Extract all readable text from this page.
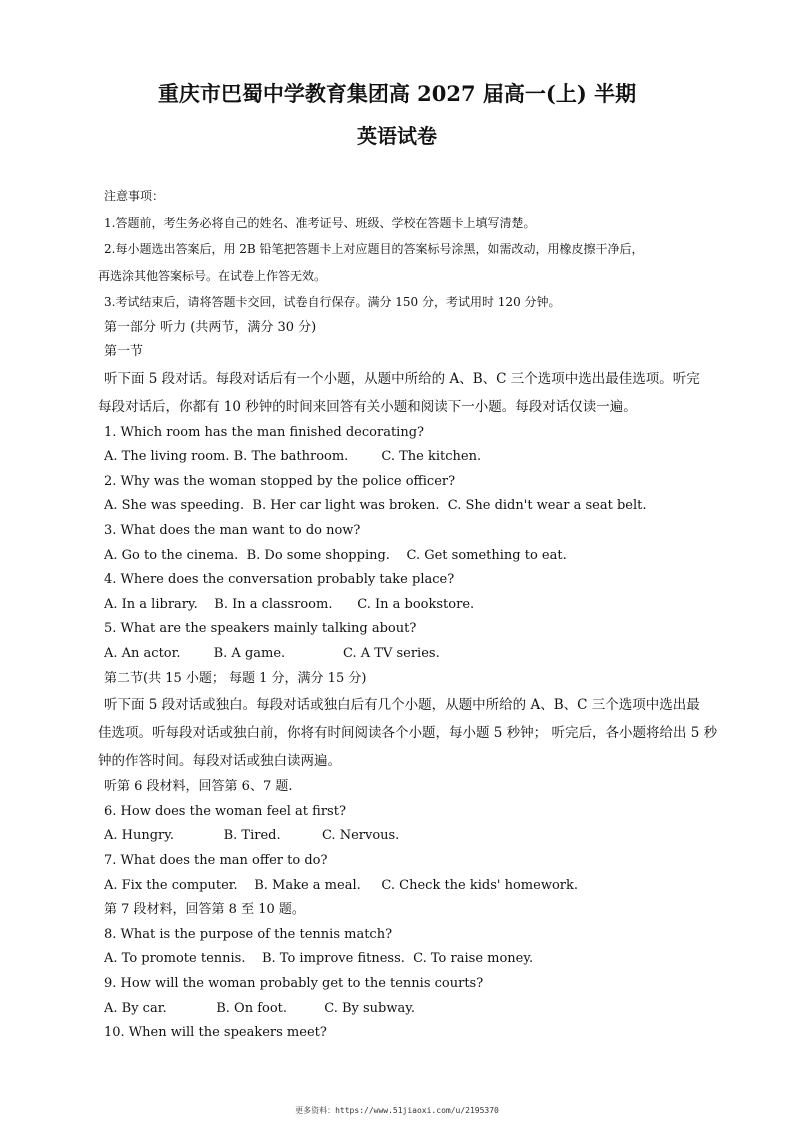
重庆市巴蜀中学教育集团高 2027 届高一(上) 半期
英语试卷
注意事项：
1.答题前，考生务必将自己的姓名、准考证号、班级、学校在答题卡上填写清楚。
2.每小题选出答案后，用 2B 铅笔把答题卡上对应题目的答案标号涂黑，如需改动，用橡皮擦干净后，
再选涂其他答案标号。在试卷上作答无效。
3.考试结束后，请将答题卡交回，试卷自行保存。满分 150 分，考试用时 120 分钟。
第一部分 听力 (共两节，满分 30 分)
第一节
听下面 5 段对话。每段对话后有一个小题，从题中所给的 A、B、C 三个选项中选出最佳选项。听完
每段对话后，你都有 10 秒钟的时间来回答有关小题和阅读下一小题。每段对话仅读一遍。
1. Which room has the man finished decorating?
A. The living room. B. The bathroom.        C. The kitchen.
2. Why was the woman stopped by the police officer?
A. She was speeding.  B. Her car light was broken.  C. She didn't wear a seat belt.
3. What does the man want to do now?
A. Go to the cinema.  B. Do some shopping.    C. Get something to eat.
4. Where does the conversation probably take place?
A. In a library.    B. In a classroom.      C. In a bookstore.
5. What are the speakers mainly talking about?
A. An actor.        B. A game.              C. A TV series.
第二节(共 15 小题； 每题 1 分，满分 15 分)
听下面 5 段对话或独白。每段对话或独白后有几个小题，从题中所给的 A、B、C 三个选项中选出最
佳选项。听每段对话或独白前，你将有时间阅读各个小题，每小题 5 秒钟； 听完后，各小题将给出 5 秒
钟的作答时间。每段对话或独白读两遍。
听第 6 段材料，回答第 6、7 题.
6. How does the woman feel at first?
A. Hungry.            B. Tired.          C. Nervous.
7. What does the man offer to do?
A. Fix the computer.    B. Make a meal.     C. Check the kids' homework.
第 7 段材料，回答第 8 至 10 题。
8. What is the purpose of the tennis match?
A. To promote tennis.    B. To improve fitness.  C. To raise money.
9. How will the woman probably get to the tennis courts?
A. By car.            B. On foot.         C. By subway.
10. When will the speakers meet?
更多资料：https://www.51jiaoxi.com/u/2195370
